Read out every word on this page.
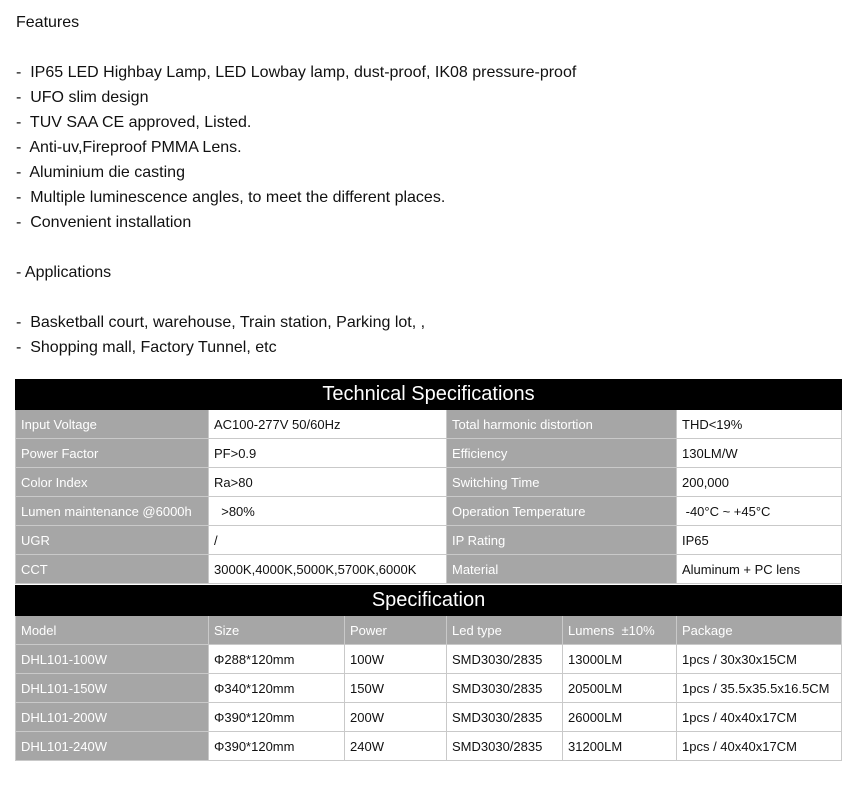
Features
-  IP65 LED Highbay Lamp, LED Lowbay lamp, dust-proof, IK08 pressure-proof
-  UFO slim design
-  TUV SAA CE approved, Listed.
-  Anti-uv,Fireproof PMMA Lens.
-  Aluminium die casting
-  Multiple luminescence angles, to meet the different places.
-  Convenient installation
- Applications
-  Basketball court, warehouse, Train station, Parking lot, ,
-  Shopping mall, Factory Tunnel, etc
Technical Specifications			
Input Voltage	AC100-277V 50/60Hz	Total harmonic distortion	THD<19%
Power Factor	PF>0.9	Efficiency	130LM/W
Color Index	Ra>80	Switching Time	200,000
Lumen maintenance @6000h	>80%	Operation Temperature	-40°C ~ +45°C
UGR	/	IP Rating	IP65
CCT	3000K,4000K,5000K,5700K,6000K	Material	Aluminum + PC lens
Specification					
Model	Size	Power	Led type	Lumens  ±10%	Package
DHL101-100W	Φ288*120mm	100W	SMD3030/2835	13000LM	1pcs / 30x30x15CM
DHL101-150W	Φ340*120mm	150W	SMD3030/2835	20500LM	1pcs / 35.5x35.5x16.5CM
DHL101-200W	Φ390*120mm	200W	SMD3030/2835	26000LM	1pcs / 40x40x17CM
DHL101-240W	Φ390*120mm	240W	SMD3030/2835	31200LM	1pcs / 40x40x17CM
